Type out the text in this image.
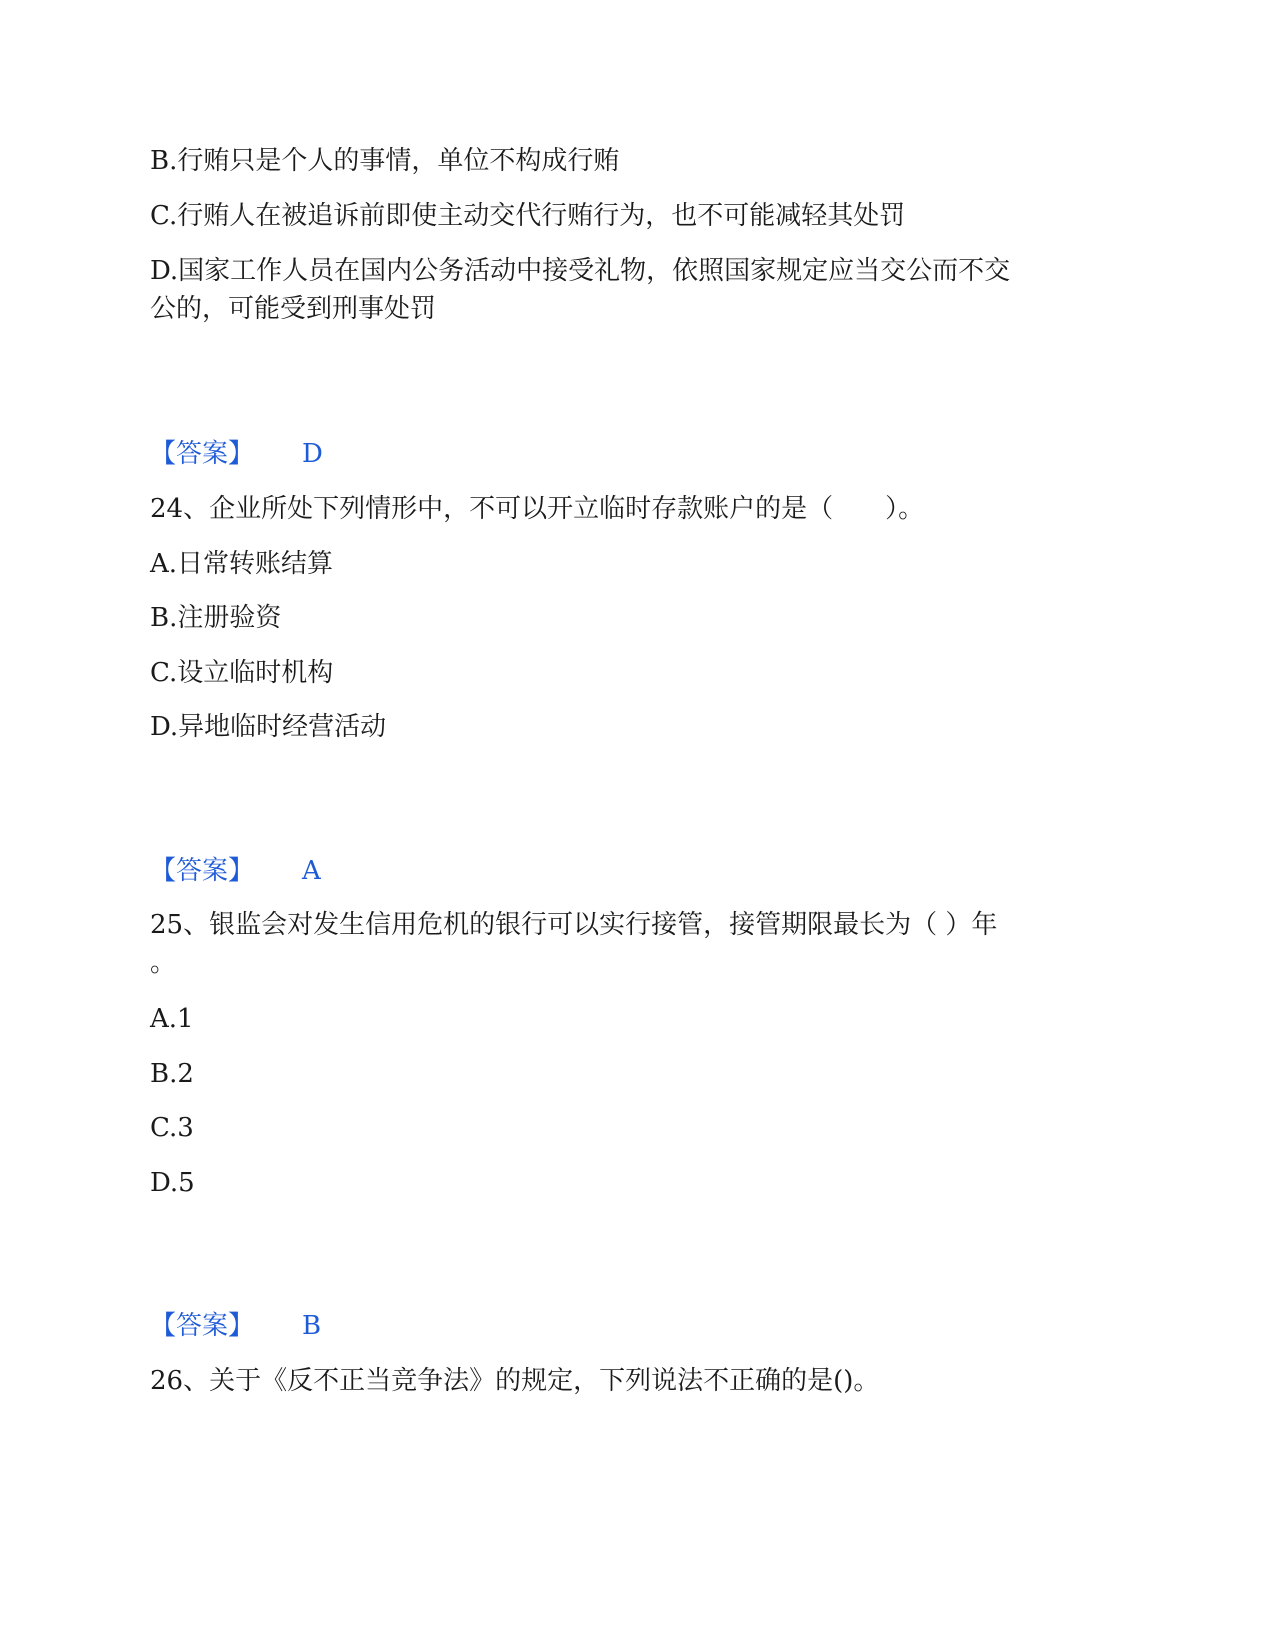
B.行贿只是个人的事情，单位不构成行贿
C.行贿人在被追诉前即使主动交代行贿行为，也不可能减轻其处罚
D.国家工作人员在国内公务活动中接受礼物，依照国家规定应当交公而不交
公的，可能受到刑事处罚
【答案】 D
24、企业所处下列情形中，不可以开立临时存款账户的是（　　）。
A.日常转账结算
B.注册验资
C.设立临时机构
D.异地临时经营活动
【答案】 A
25、银监会对发生信用危机的银行可以实行接管，接管期限最长为（ ）年
。
A.1
B.2
C.3
D.5
【答案】 B
26、关于《反不正当竞争法》的规定，下列说法不正确的是()。
